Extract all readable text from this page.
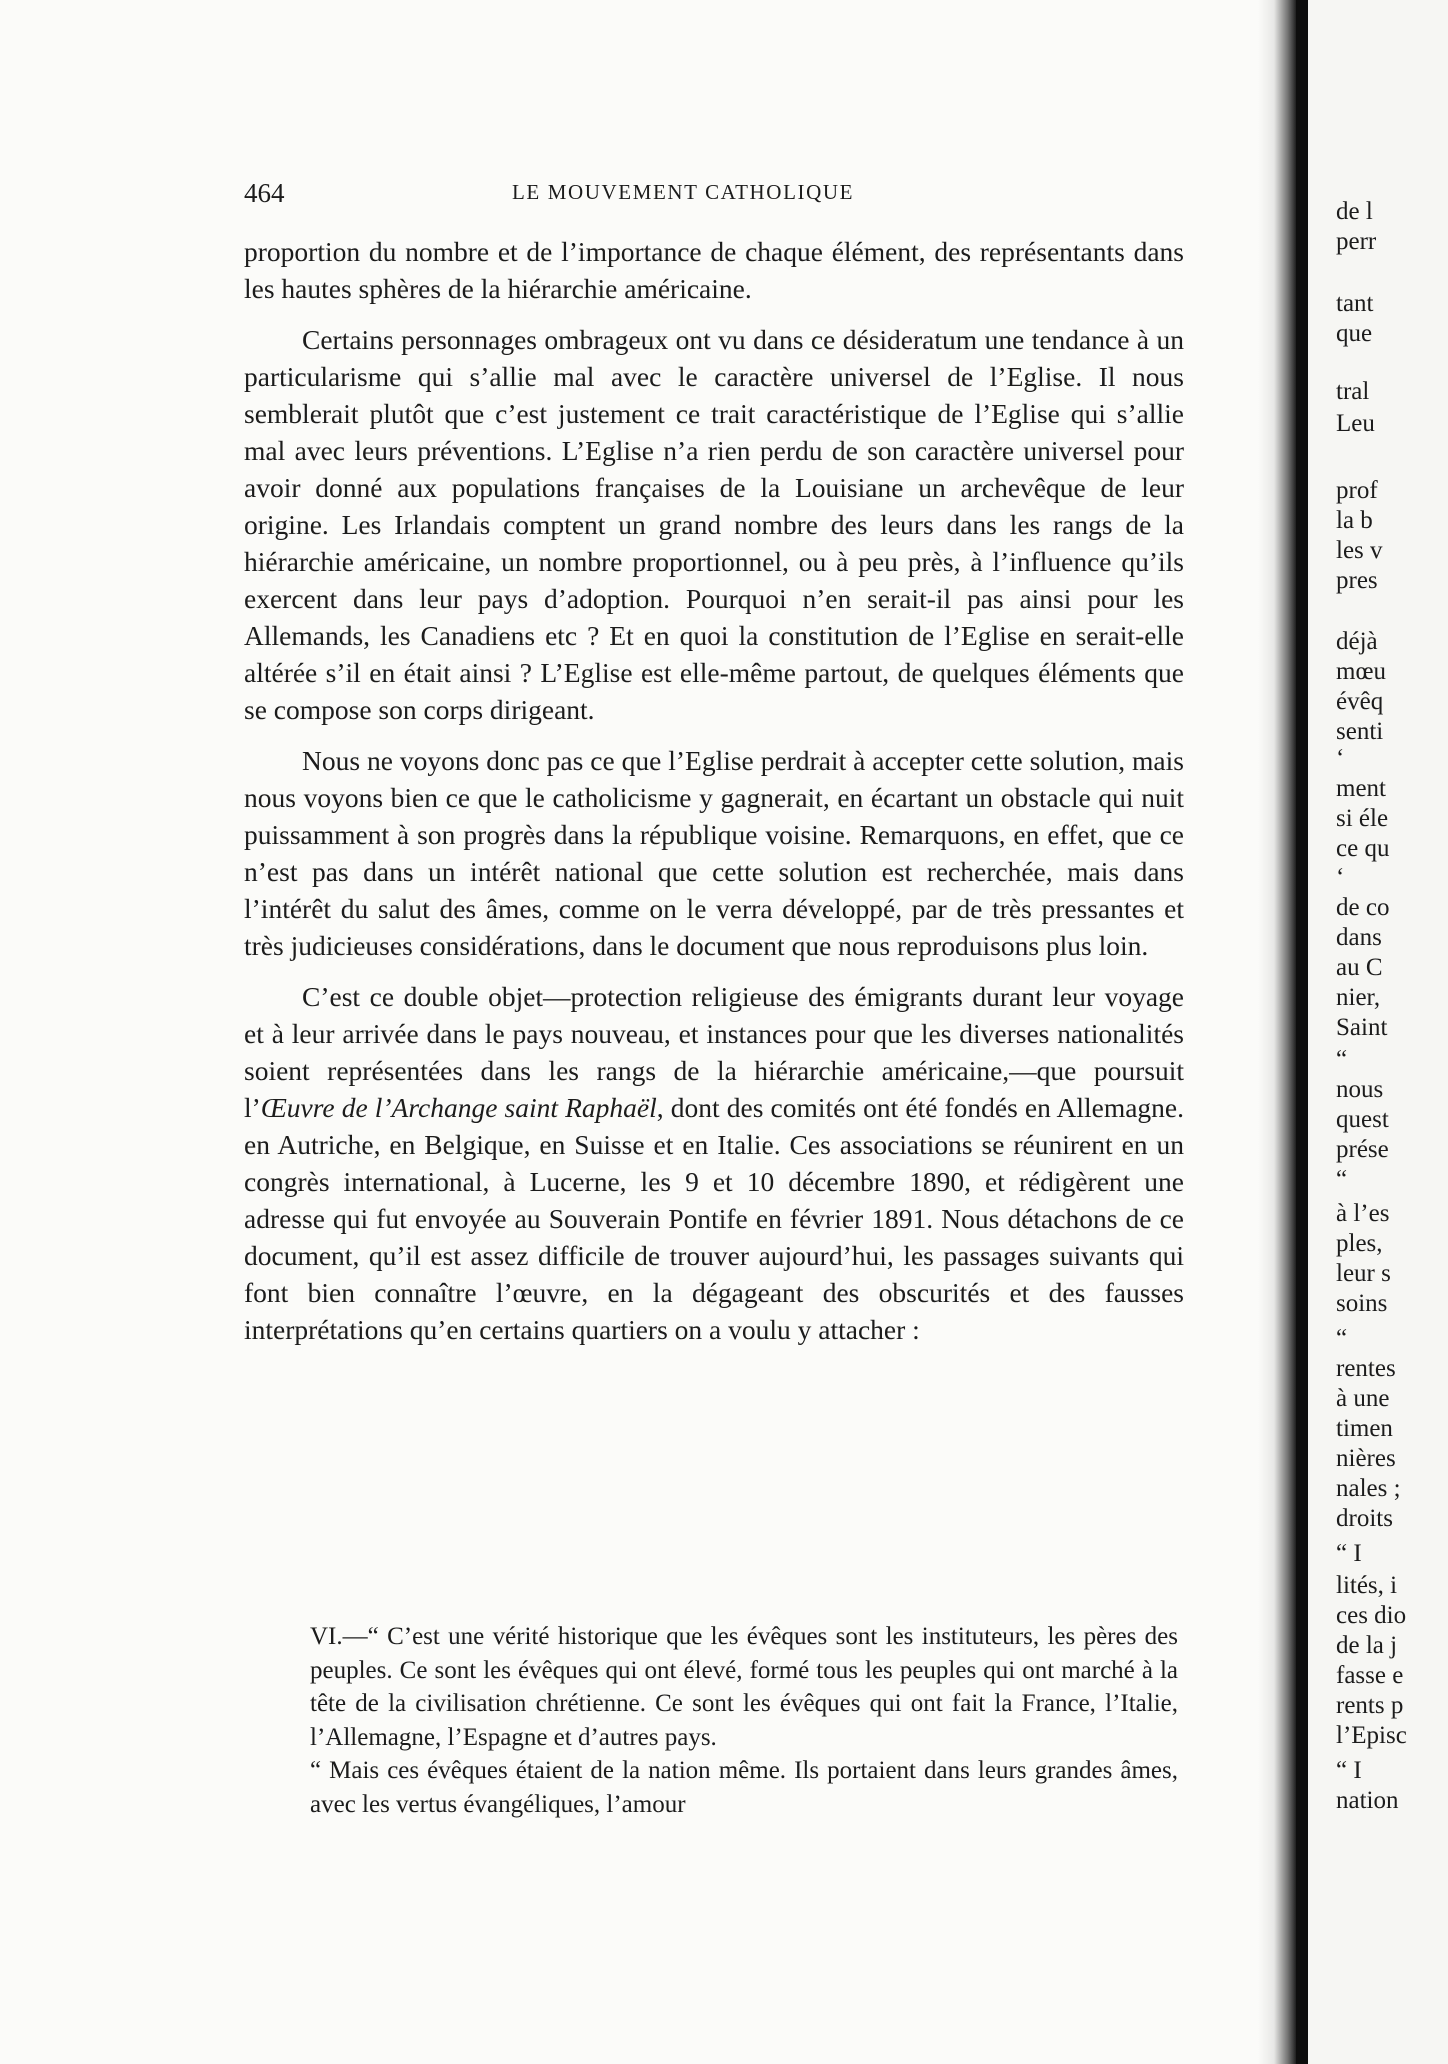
464	LE MOUVEMENT CATHOLIQUE

proportion du nombre et de l’importance de chaque élément, des représentants dans les hautes sphères de la hiérarchie américaine.

Certains personnages ombrageux ont vu dans ce désideratum une tendance à un particularisme qui s’allie mal avec le caractère universel de l’Eglise. Il nous semblerait plutôt que c’est justement ce trait caractéristique de l’Eglise qui s’allie mal avec leurs préventions. L’Eglise n’a rien perdu de son caractère universel pour avoir donné aux populations françaises de la Louisiane un archevêque de leur origine. Les Irlandais comptent un grand nombre des leurs dans les rangs de la hiérarchie américaine, un nombre proportionnel, ou à peu près, à l’influence qu’ils exercent dans leur pays d’adoption. Pourquoi n’en serait-il pas ainsi pour les Allemands, les Canadiens etc ? Et en quoi la constitution de l’Eglise en serait-elle altérée s’il en était ainsi ? L’Eglise est elle-même partout, de quelques éléments que se compose son corps dirigeant.

Nous ne voyons donc pas ce que l’Eglise perdrait à accepter cette solution, mais nous voyons bien ce que le catholicisme y gagnerait, en écartant un obstacle qui nuit puissamment à son progrès dans la république voisine. Remarquons, en effet, que ce n’est pas dans un intérêt national que cette solution est recherchée, mais dans l’intérêt du salut des âmes, comme on le verra développé, par de très pressantes et très judicieuses considérations, dans le document que nous reproduisons plus loin.

C’est ce double objet—protection religieuse des émigrants durant leur voyage et à leur arrivée dans le pays nouveau, et instances pour que les diverses nationalités soient représentées dans les rangs de la hiérarchie américaine,—que poursuit l’Œuvre de l’Archange saint Raphaël, dont des comités ont été fondés en Allemagne. en Autriche, en Belgique, en Suisse et en Italie. Ces associations se réunirent en un congrès international, à Lucerne, les 9 et 10 décembre 1890, et rédigèrent une adresse qui fut envoyée au Souverain Pontife en février 1891. Nous détachons de ce document, qu’il est assez difficile de trouver aujourd’hui, les passages suivants qui font bien connaître l’œuvre, en la dégageant des obscurités et des fausses interprétations qu’en certains quartiers on a voulu y attacher :

VI.—“ C’est une vérité historique que les évêques sont les instituteurs, les pères des peuples. Ce sont les évêques qui ont élevé, formé tous les peuples qui ont marché à la tête de la civilisation chrétienne. Ce sont les évêques qui ont fait la France, l’Italie, l’Allemagne, l’Espagne et d’autres pays.

“ Mais ces évêques étaient de la nation même. Ils portaient dans leurs grandes âmes, avec les vertus évangéliques, l’amour

de l
perr
tant
que
tral
Leu
prof
la b
les v
pres
déjà
mœu
évêq
senti
‘
ment
si éle
ce qu
‘
de co
dans
au C
nier,
Saint
“
nous
quest
prése
“
à l’es
ples,
leur s
soins
“
rentes
à une
timen
nières
nales ;
droits
“ I
lités, i
ces dio
de la j
fasse e
rents p
l’Episc
“ I
nation
